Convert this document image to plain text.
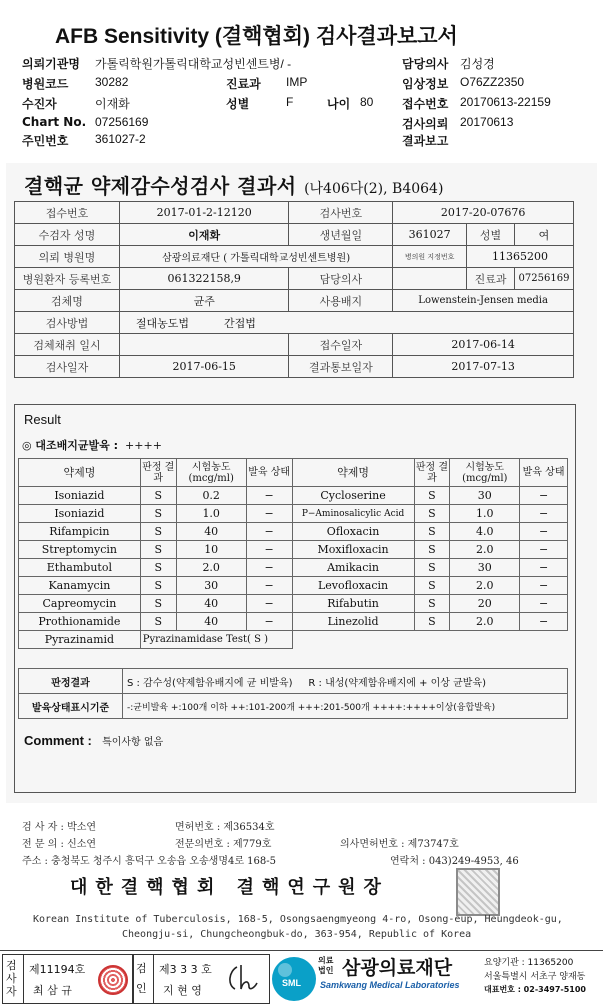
AFB Sensitivity (결핵협회) 검사결과보고서
의뢰기관명 가톨릭학원가톨릭대학교성빈센트병/ -	담당의사 김성경
병원코드 30282	진료과 IMP	임상정보 O76ZZ2350
수진자	이재화	성별	F	나이 80 접수번호 20170613-22159
Chart No. 07256169	검사의뢰 20170613
주민번호 361027-2	결과보고
결핵균 약제감수성검사 결과서 (나406다(2), B4064)
접수번호	2017-01-2-12120	검사번호	2017-20-07676		
수검자 성명	이재화	생년월일	361027	성별	여
의뢰 병원명	삼광의료재단 ( 가톨릭대학교성빈센트병원)		병의원 지정번호	11365200	
병원환자 등록번호	061322158,9	담당의사		진료과	07256169
검체명	균주	사용배지	Lowenstein-Jensen media		
검사방법	절대농도법 간접법				
검체채취 일시		접수일자	2017-06-14		
검사일자	2017-06-15	결과통보일자	2017-07-13		
Result
◎ 대조배지균발육 : ++++
약제명	판정 결과	시험농도 (mcg/ml)	발육 상태	약제명	판정 결과	시험농도 (mcg/ml)	발육 상태
Isoniazid	S	0.2	−	Cycloserine	S	30	−
Isoniazid	S	1.0	−	P−Aminosalicylic Acid	S	1.0	−
Rifampicin	S	40	−	Ofloxacin	S	4.0	−
Streptomycin	S	10	−	Moxifloxacin	S	2.0	−
Ethambutol	S	2.0	−	Amikacin	S	30	−
Kanamycin	S	30	−	Levofloxacin	S	2.0	−
Capreomycin	S	40	−	Rifabutin	S	20	−
Prothionamide	S	40	−	Linezolid	S	2.0	−
Pyrazinamid	Pyrazinamidase Test( S )						
판정결과	S : 감수성(약제함유배지에 균 비발육) R : 내성(약제함유배지에 + 이상 균발육)
발육상태표시기준	-:균비발육 +:100개 이하 ++:101-200개 +++:201-500개 ++++:++++이상(융합발육)
Comment : 특이사항 없음
검 사 자 : 박소연	면허번호 : 제36534호
전 문 의 : 신소연	전문의번호 : 제779호	의사면허번호 : 제73747호
주소 : 충청북도 청주시 흥덕구 오송읍 오송생명4로 168-5	연락처 : 043)249-4953, 46
대한결핵협회 결핵연구원장
Korean Institute of Tuberculosis, 168-5, Osongsaengmyeong 4-ro, Osong-eup, Heungdeok-gu,
Cheongju-si, Chungcheongbuk-do, 363-954, Republic of Korea
검사자
제11194호
최 삼 규
검인
제3 3 3 호
지 현 영
SML
의료법인 삼광의료재단
Samkwang Medical Laboratories
요양기관 : 11365200
서울특별시 서초구 양재동
대표번호 : 02-3497-5100
